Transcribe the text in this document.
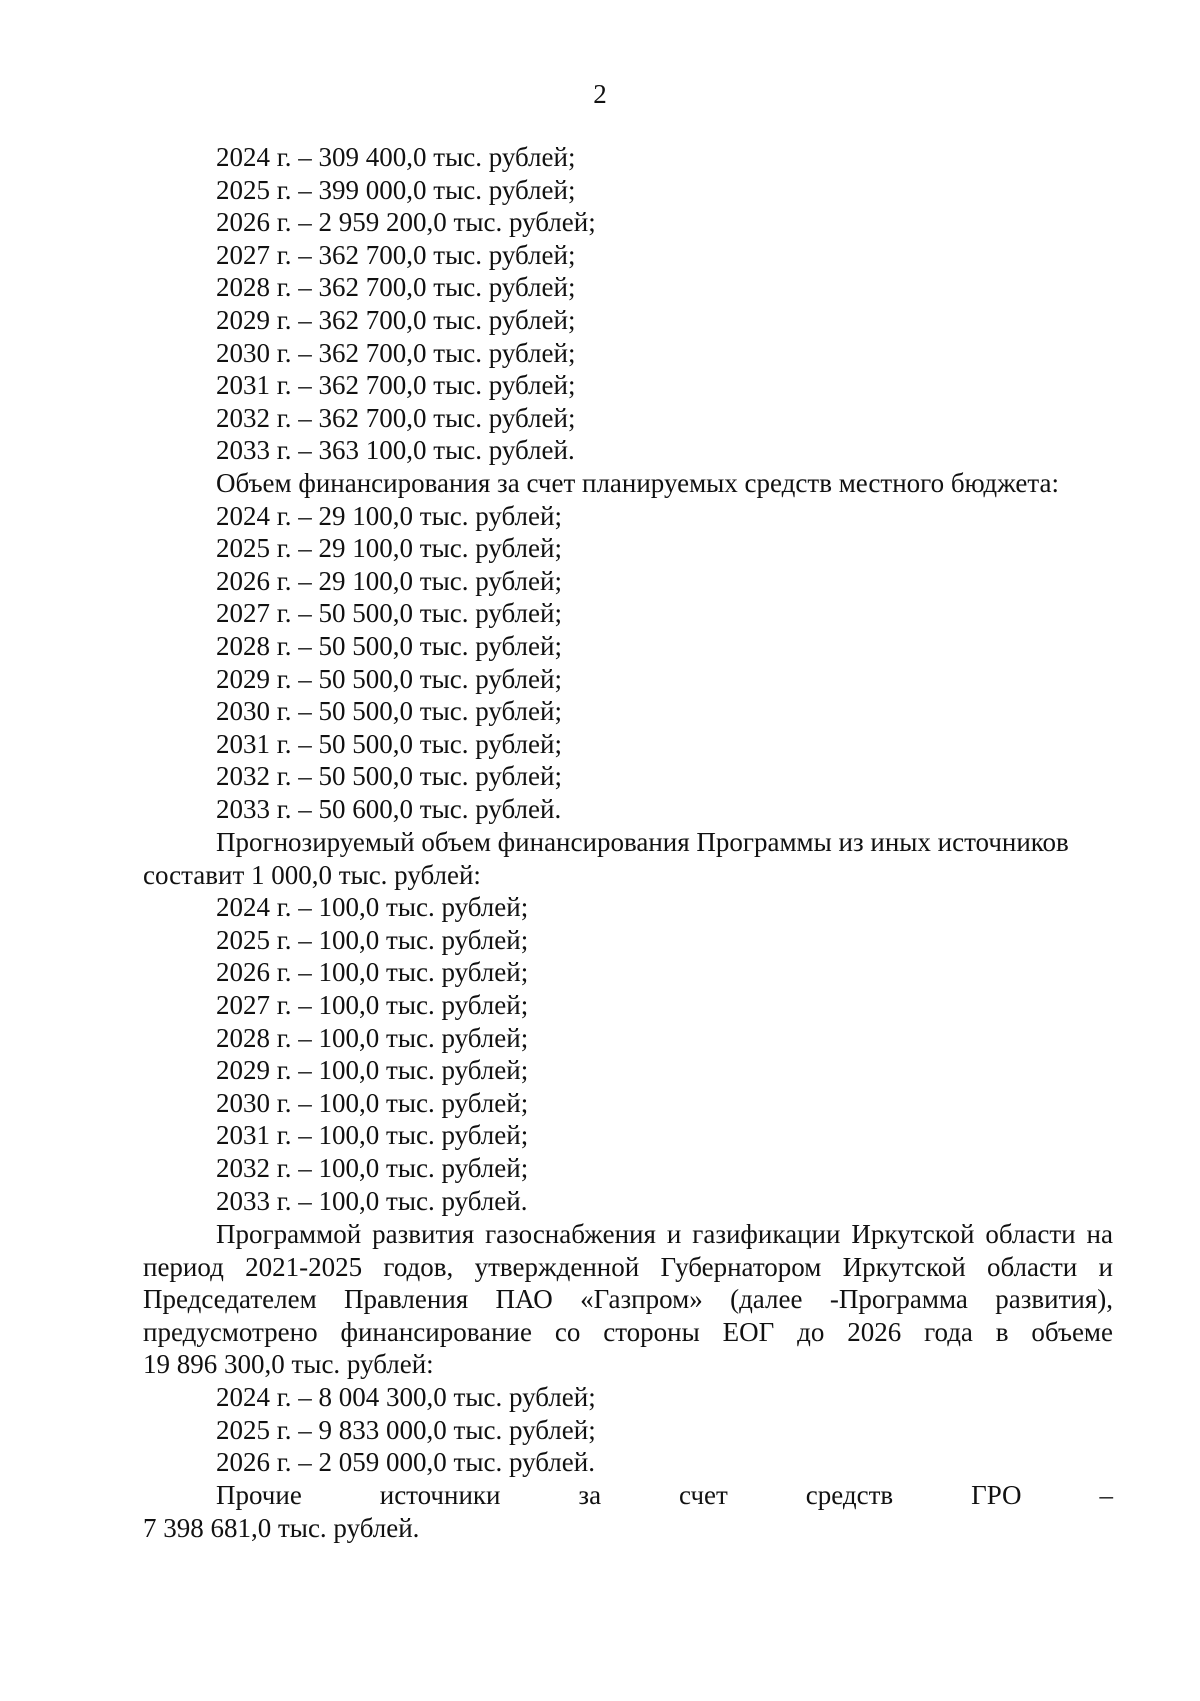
2
2024 г. – 309 400,0 тыс. рублей;
2025 г. – 399 000,0 тыс. рублей;
2026 г. – 2 959 200,0 тыс. рублей;
2027 г. – 362 700,0 тыс. рублей;
2028 г. – 362 700,0 тыс. рублей;
2029 г. – 362 700,0 тыс. рублей;
2030 г. – 362 700,0 тыс. рублей;
2031 г. – 362 700,0 тыс. рублей;
2032 г. – 362 700,0 тыс. рублей;
2033 г. – 363 100,0 тыс. рублей.
Объем финансирования за счет планируемых средств местного бюджета:
2024 г. – 29 100,0 тыс. рублей;
2025 г. – 29 100,0 тыс. рублей;
2026 г. – 29 100,0 тыс. рублей;
2027 г. – 50 500,0 тыс. рублей;
2028 г. – 50 500,0 тыс. рублей;
2029 г. – 50 500,0 тыс. рублей;
2030 г. – 50 500,0 тыс. рублей;
2031 г. – 50 500,0 тыс. рублей;
2032 г. – 50 500,0 тыс. рублей;
2033 г. – 50 600,0 тыс. рублей.
Прогнозируемый объем финансирования Программы из иных источников
составит 1 000,0 тыс. рублей:
2024 г. – 100,0 тыс. рублей;
2025 г. – 100,0 тыс. рублей;
2026 г. – 100,0 тыс. рублей;
2027 г. – 100,0 тыс. рублей;
2028 г. – 100,0 тыс. рублей;
2029 г. – 100,0 тыс. рублей;
2030 г. – 100,0 тыс. рублей;
2031 г. – 100,0 тыс. рублей;
2032 г. – 100,0 тыс. рублей;
2033 г. – 100,0 тыс. рублей.
Программой развития газоснабжения и газификации Иркутской области на
период 2021-2025 годов, утвержденной Губернатором Иркутской области и
Председателем Правления ПАО «Газпром» (далее -Программа развития),
предусмотрено финансирование со стороны ЕОГ до 2026 года в объеме
19 896 300,0 тыс. рублей:
2024 г. – 8 004 300,0 тыс. рублей;
2025 г. – 9 833 000,0 тыс. рублей;
2026 г. – 2 059 000,0 тыс. рублей.
Прочие	источники	за	счет	средств	ГРО	–
7 398 681,0 тыс. рублей.
